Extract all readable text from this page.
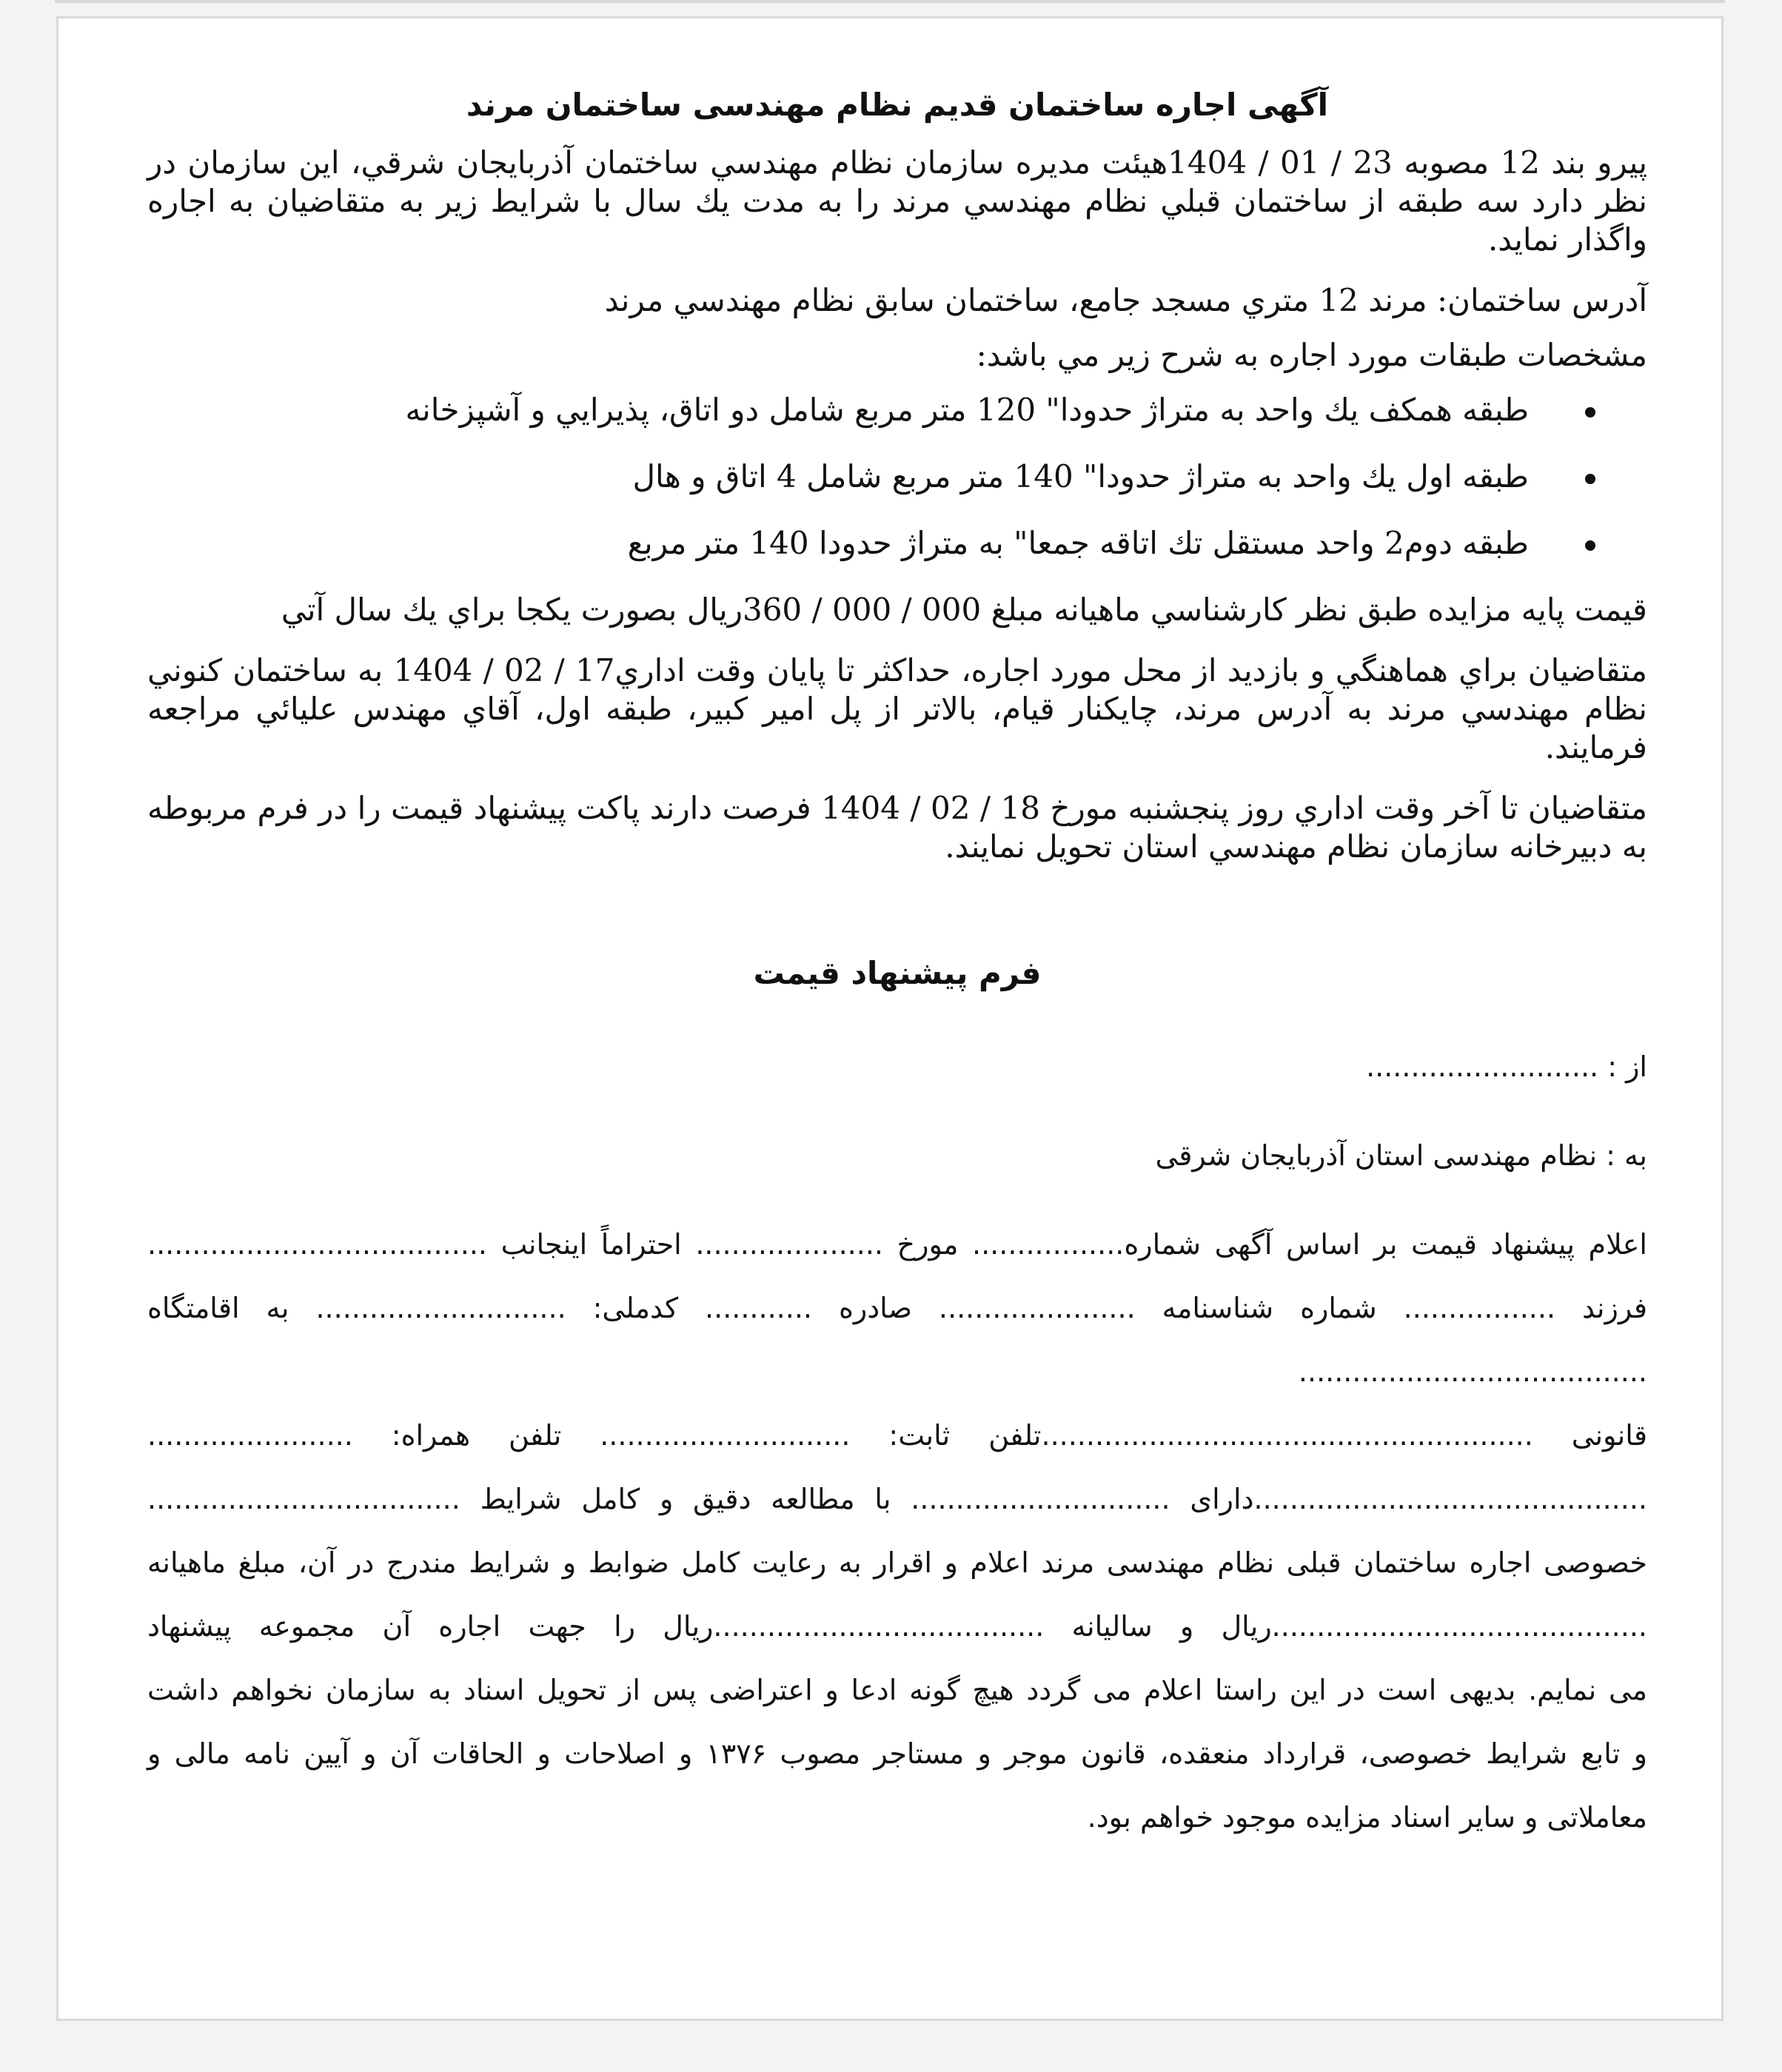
آگهی اجاره ساختمان قدیم نظام مهندسی ساختمان مرند

پيرو بند 12 مصوبه 23 / 01 / 1404هيئت مديره سازمان نظام مهندسي ساختمان آذربايجان شرقي، اين سازمان در نظر دارد سه طبقه از ساختمان قبلي نظام مهندسي مرند را به مدت يك سال با شرايط زير به متقاضيان به اجاره واگذار نمايد.

آدرس ساختمان: مرند 12 متري مسجد جامع، ساختمان سابق نظام مهندسي مرند

مشخصات طبقات مورد اجاره به شرح زير مي باشد:

طبقه همكف يك واحد به متراژ حدودا" 120 متر مربع شامل دو اتاق، پذيرايي و آشپزخانه
طبقه اول يك واحد به متراژ حدودا" 140 متر مربع شامل 4 اتاق و هال
طبقه دوم2 واحد مستقل تك اتاقه جمعا" به متراژ حدودا 140 متر مربع

قيمت پايه مزايده طبق نظر كارشناسي ماهيانه مبلغ 000 / 000 / 360ريال بصورت يكجا براي يك سال آتي

متقاضيان براي هماهنگي و بازديد از محل مورد اجاره، حداكثر تا پايان وقت اداري17 / 02 / 1404 به ساختمان كنوني نظام مهندسي مرند به آدرس مرند، چايكنار قيام، بالاتر از پل امير كبير، طبقه اول، آقاي مهندس عليائي مراجعه فرمايند.

متقاضيان تا آخر وقت اداري روز پنجشنبه مورخ 18 / 02 / 1404 فرصت دارند پاكت پيشنهاد قيمت را در فرم مربوطه به دبيرخانه سازمان نظام مهندسي استان تحويل نمايند.

فرم پیشنهاد قیمت

از : ..........................

به : نظام مهندسی استان آذربایجان شرقی

اعلام پیشنهاد قیمت بر اساس آگهی شماره................. مورخ ..................... احتراماً اینجانب ......................................

فرزند ................. شماره شناسنامه ...................... صادره ............ کدملی: ............................ به اقامتگاه .......................................

قانونی .......................................................تلفن ثابت: ............................ تلفن همراه: .......................

............................................دارای ............................. با مطالعه دقیق و کامل شرایط ...................................

خصوصی اجاره ساختمان قبلی نظام مهندسی مرند اعلام و اقرار به رعایت کامل ضوابط و شرایط مندرج در آن، مبلغ ماهیانه

..........................................ریال و سالیانه .....................................ریال را جهت اجاره آن مجموعه پیشنهاد

می نمایم. بدیهی است در این راستا اعلام می گردد هیچ گونه ادعا و اعتراضی پس از تحویل اسناد به سازمان نخواهم داشت

و تابع شرایط خصوصی، قرارداد منعقده، قانون موجر و مستاجر مصوب ۱۳۷۶ و اصلاحات و الحاقات آن و آیین نامه مالی و

معاملاتی و سایر اسناد مزایده موجود خواهم بود.
